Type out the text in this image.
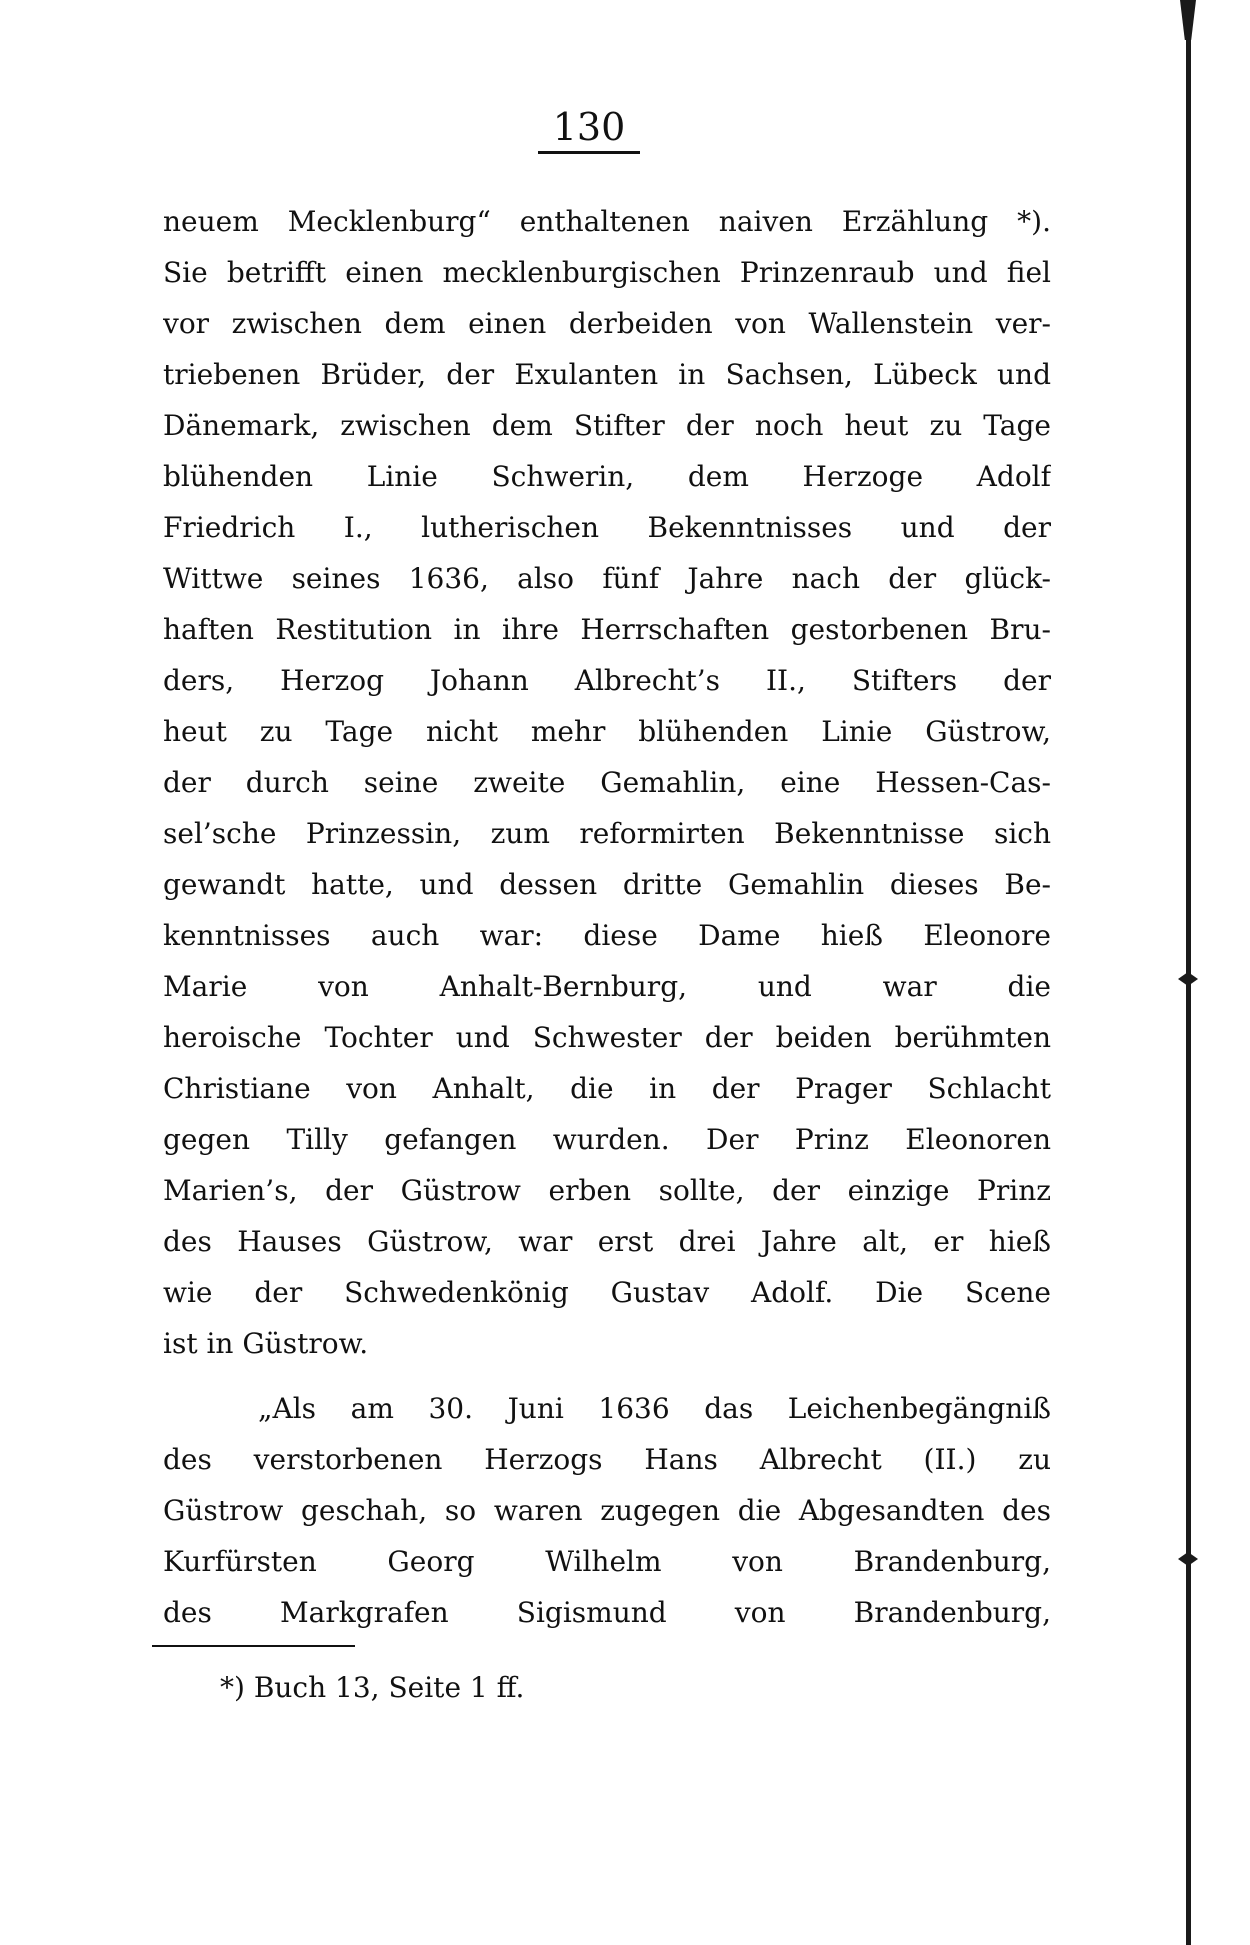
130
neuem Mecklenburg“ enthaltenen naiven Erzählung *).
Sie betrifft einen mecklenburgischen Prinzenraub und fiel
vor zwischen dem einen derbeiden von Wallenstein ver-
triebenen Brüder, der Exulanten in Sachsen, Lübeck und
Dänemark, zwischen dem Stifter der noch heut zu Tage
blühenden Linie Schwerin, dem Herzoge Adolf
Friedrich I., lutherischen Bekenntnisses und der
Wittwe seines 1636, also fünf Jahre nach der glück-
haften Restitution in ihre Herrschaften gestorbenen Bru-
ders, Herzog Johann Albrecht’s II., Stifters der
heut zu Tage nicht mehr blühenden Linie Güstrow,
der durch seine zweite Gemahlin, eine Hessen-Cas-
sel’sche Prinzessin, zum reformirten Bekenntnisse sich
gewandt hatte, und dessen dritte Gemahlin dieses Be-
kenntnisses auch war: diese Dame hieß Eleonore
Marie von Anhalt-Bernburg, und war die
heroische Tochter und Schwester der beiden berühmten
Christiane von Anhalt, die in der Prager Schlacht
gegen Tilly gefangen wurden. Der Prinz Eleonoren
Marien’s, der Güstrow erben sollte, der einzige Prinz
des Hauses Güstrow, war erst drei Jahre alt, er hieß
wie der Schwedenkönig Gustav Adolf. Die Scene
ist in Güstrow.
„Als am 30. Juni 1636 das Leichenbegängniß
des verstorbenen Herzogs Hans Albrecht (II.) zu
Güstrow geschah, so waren zugegen die Abgesandten des
Kurfürsten Georg Wilhelm von Brandenburg,
des Markgrafen Sigismund von Brandenburg,
*) Buch 13, Seite 1 ff.
